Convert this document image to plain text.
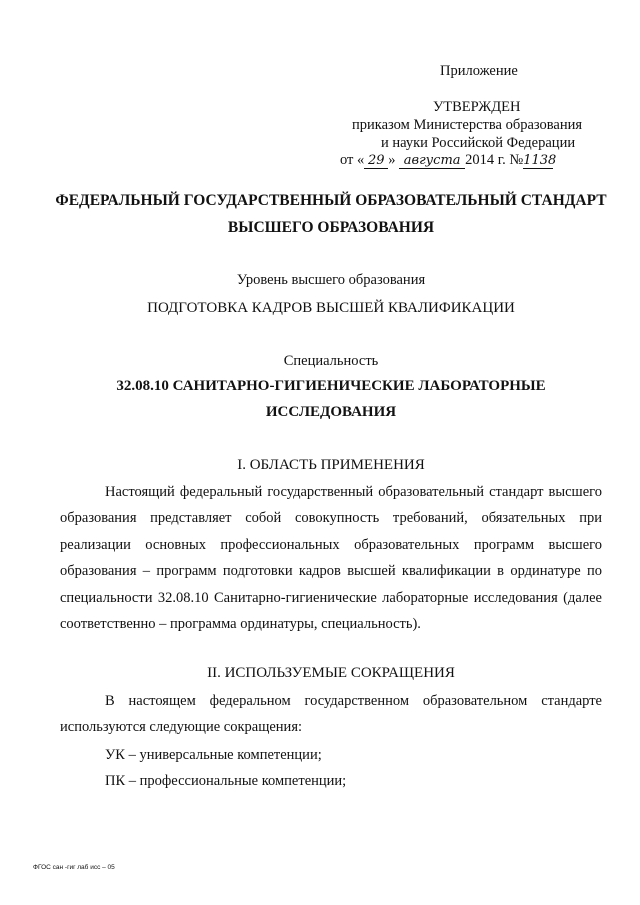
Приложение
УТВЕРЖДЕН
приказом Министерства образования
и науки Российской Федерации
от « 29 » августа 2014 г. №1138
ФЕДЕРАЛЬНЫЙ ГОСУДАРСТВЕННЫЙ ОБРАЗОВАТЕЛЬНЫЙ СТАНДАРТ
ВЫСШЕГО ОБРАЗОВАНИЯ
Уровень высшего образования
ПОДГОТОВКА КАДРОВ ВЫСШЕЙ КВАЛИФИКАЦИИ
Специальность
32.08.10 САНИТАРНО-ГИГИЕНИЧЕСКИЕ ЛАБОРАТОРНЫЕ
ИССЛЕДОВАНИЯ
I. ОБЛАСТЬ ПРИМЕНЕНИЯ
Настоящий федеральный государственный образовательный стандарт высшего образования представляет собой совокупность требований, обязательных при реализации основных профессиональных образовательных программ высшего образования – программ подготовки кадров высшей квалификации в ординатуре по специальности 32.08.10 Санитарно-гигиенические лабораторные исследования (далее соответственно – программа ординатуры, специальность).
II. ИСПОЛЬЗУЕМЫЕ СОКРАЩЕНИЯ
В настоящем федеральном государственном образовательном стандарте используются следующие сокращения:
УК – универсальные компетенции;
ПК – профессиональные компетенции;
ФГОС сан -гиг лаб исс – 05
